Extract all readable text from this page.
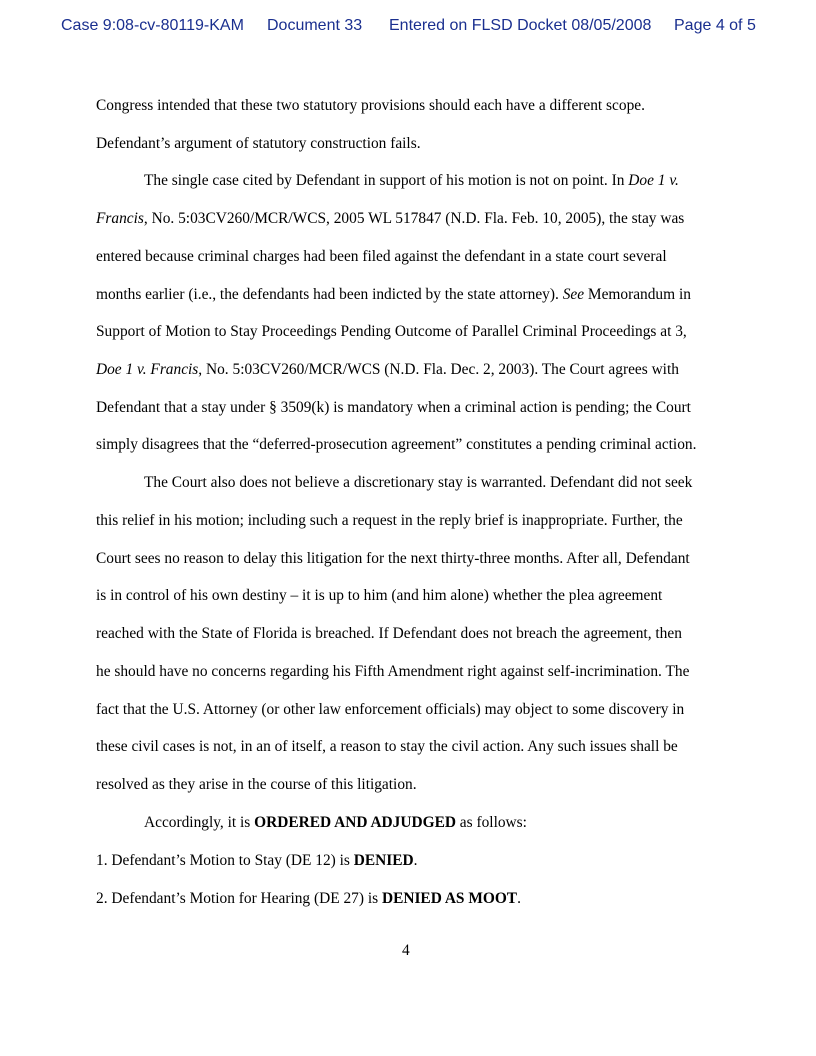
Case 9:08-cv-80119-KAM Document 33 Entered on FLSD Docket 08/05/2008 Page 4 of 5
Congress intended that these two statutory provisions should each have a different scope.
Defendant’s argument of statutory construction fails.
The single case cited by Defendant in support of his motion is not on point. In Doe 1 v.
Francis, No. 5:03CV260/MCR/WCS, 2005 WL 517847 (N.D. Fla. Feb. 10, 2005), the stay was
entered because criminal charges had been filed against the defendant in a state court several
months earlier (i.e., the defendants had been indicted by the state attorney). See Memorandum in
Support of Motion to Stay Proceedings Pending Outcome of Parallel Criminal Proceedings at 3,
Doe 1 v. Francis, No. 5:03CV260/MCR/WCS (N.D. Fla. Dec. 2, 2003). The Court agrees with
Defendant that a stay under § 3509(k) is mandatory when a criminal action is pending; the Court
simply disagrees that the “deferred-prosecution agreement” constitutes a pending criminal action.
The Court also does not believe a discretionary stay is warranted. Defendant did not seek
this relief in his motion; including such a request in the reply brief is inappropriate. Further, the
Court sees no reason to delay this litigation for the next thirty-three months. After all, Defendant
is in control of his own destiny – it is up to him (and him alone) whether the plea agreement
reached with the State of Florida is breached. If Defendant does not breach the agreement, then
he should have no concerns regarding his Fifth Amendment right against self-incrimination. The
fact that the U.S. Attorney (or other law enforcement officials) may object to some discovery in
these civil cases is not, in an of itself, a reason to stay the civil action. Any such issues shall be
resolved as they arise in the course of this litigation.
Accordingly, it is ORDERED AND ADJUDGED as follows:
1. Defendant’s Motion to Stay (DE 12) is DENIED.
2. Defendant’s Motion for Hearing (DE 27) is DENIED AS MOOT.
4
